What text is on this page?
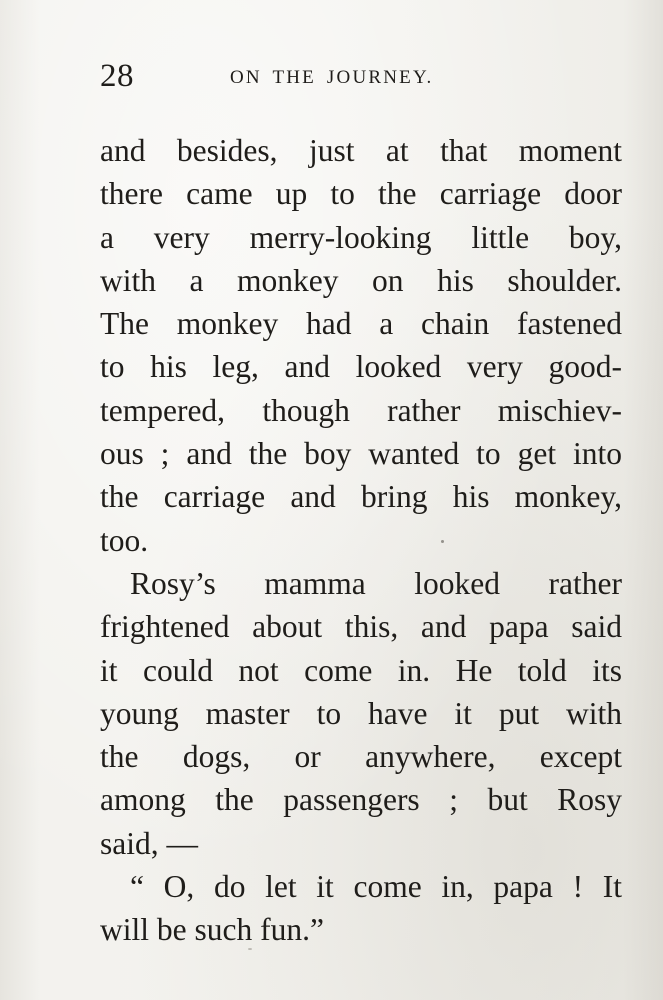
28	ON THE JOURNEY.
and besides, just at that moment
there came up to the carriage door
a very merry-looking little boy,
with a monkey on his shoulder.
The monkey had a chain fastened
to his leg, and looked very good-
tempered, though rather mischiev-
ous ; and the boy wanted to get into
the carriage and bring his monkey,
too.
Rosy’s mamma looked rather
frightened about this, and papa said
it could not come in. He told its
young master to have it put with
the dogs, or anywhere, except
among the passengers ; but Rosy
said, —
“ O, do let it come in, papa ! It
will be such fun.”
